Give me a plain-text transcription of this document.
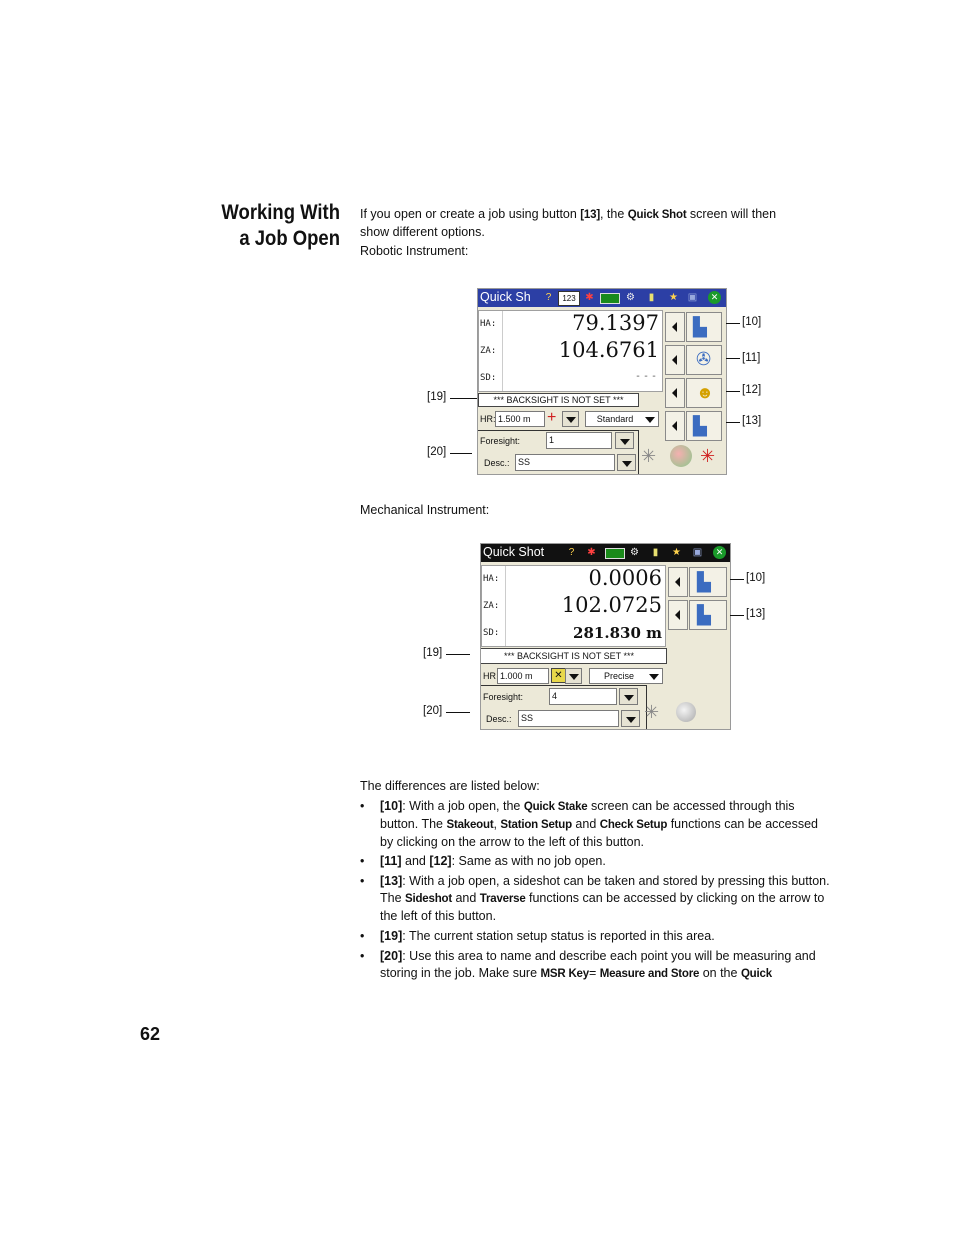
Working With
a Job Open
If you open or create a job using button [13], the Quick Shot screen will then
show different options.
Robotic Instrument:
Quick Sh	?	123 ✱	⚙	▮	★ ▣	✕
HA:
ZA:
SD:
79.1397
104.6761
---
*** BACKSIGHT IS NOT SET ***
HR: 1.500 m	+	Standard
Foresight:	1
Desc.: SS
▙
✇
☻
▙
✳ ✳
[10]
[11]
[12]
[13]
[19]
[20]
Mechanical Instrument:
Quick Shot	?	✱	⚙	▮	★ ▣	✕
HA:
ZA:
SD:
0.0006
102.0725
281.830 m
*** BACKSIGHT IS NOT SET ***
HR 1.000 m	✕	Precise
Foresight:	4
Desc.:	SS
▙
▙
✳
[10]
[13]
[19]
[20]
The differences are listed below:
• [10]: With a job open, the Quick Stake screen can be accessed through this button. The Stakeout, Station Setup and Check Setup functions can be accessed by clicking on the arrow to the left of this button.
• [11] and [12]: Same as with no job open.
• [13]: With a job open, a sideshot can be taken and stored by pressing this button. The Sideshot and Traverse functions can be accessed by clicking on the arrow to the left of this button.
• [19]: The current station setup status is reported in this area.
• [20]: Use this area to name and describe each point you will be measuring and storing in the job. Make sure MSR Key= Measure and Store on the Quick
62
